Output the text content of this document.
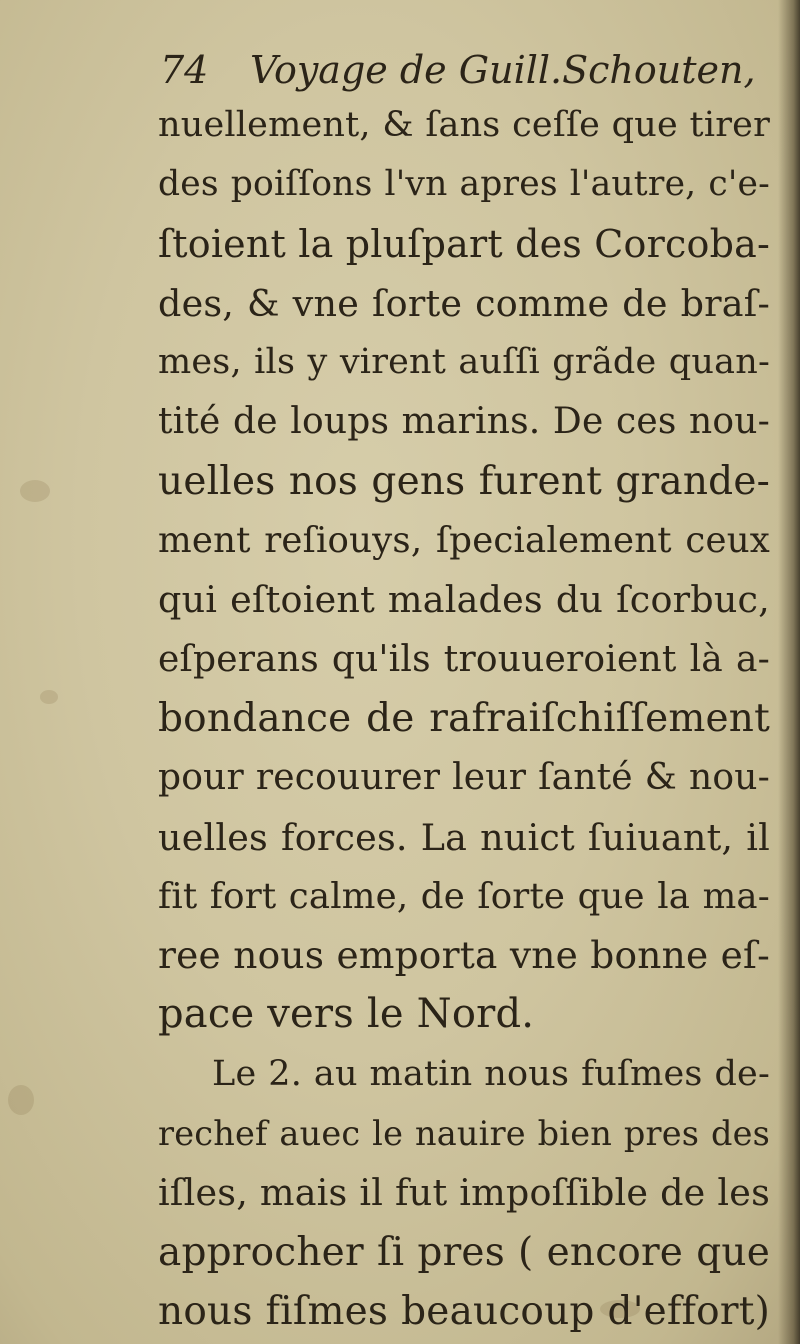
74 Voyage de Guill.Schouten,
nuellement, & ſans ceſſe que tirer
des poiſſons l'vn apres l'autre, c'e-
ſtoient la pluſpart des Corcoba-
des, & vne ſorte comme de braſ-
mes, ils y virent auſſi grãde quan-
tité de loups marins. De ces nou-
uelles nos gens furent grande-
ment reſiouys, ſpecialement ceux
qui eſtoient malades du ſcorbuc,
eſperans qu'ils trouueroient là a-
bondance de rafraiſchiſſement
pour recouurer leur ſanté & nou-
uelles forces. La nuict ſuiuant, il
fit fort calme, de ſorte que la ma-
ree nous emporta vne bonne eſ-
pace vers le Nord.
Le 2. au matin nous fuſmes de-
rechef auec le nauire bien pres des
iſles, mais il fut impoſſible de les
approcher ſi pres ( encore que
nous fiſmes beaucoup d'effort)
